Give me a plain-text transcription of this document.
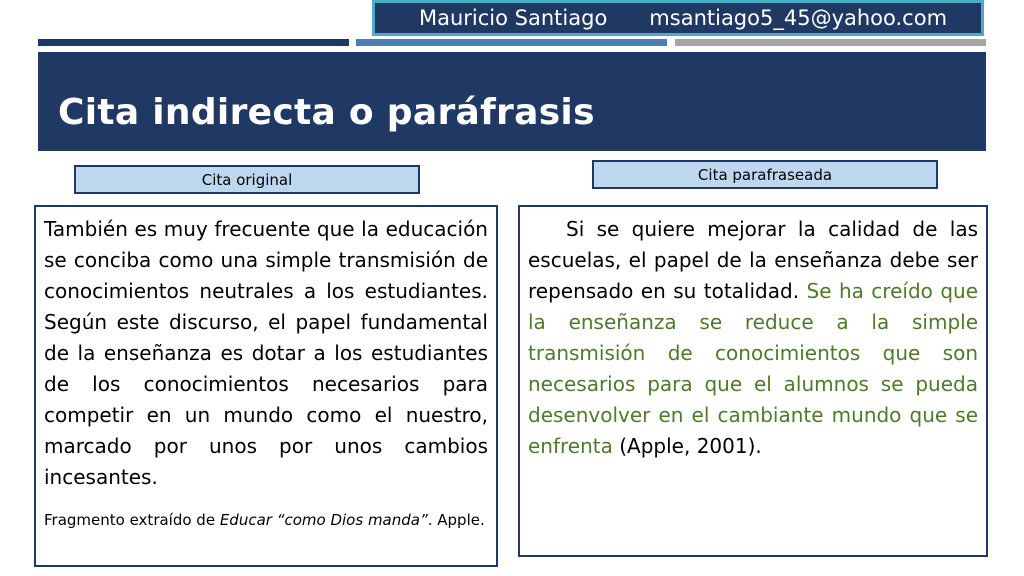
Mauricio Santiago msantiago5_45@yahoo.com
Cita indirecta o paráfrasis
Cita original	Cita parafraseada

También es muy frecuente que la educación se conciba como una simple transmisión de conocimientos neutrales a los estudiantes. Según este discurso, el papel fundamental de la enseñanza es dotar a los estudiantes de los conocimientos necesarios para competir en un mundo como el nuestro, marcado por unos por unos cambios incesantes.

Fragmento extraído de Educar “como Dios manda”. Apple.

Si se quiere mejorar la calidad de las escuelas, el papel de la enseñanza debe ser repensado en su totalidad. Se ha creído que la enseñanza se reduce a la simple transmisión de conocimientos que son necesarios para que el alumnos se pueda desenvolver en el cambiante mundo que se enfrenta (Apple, 2001).
